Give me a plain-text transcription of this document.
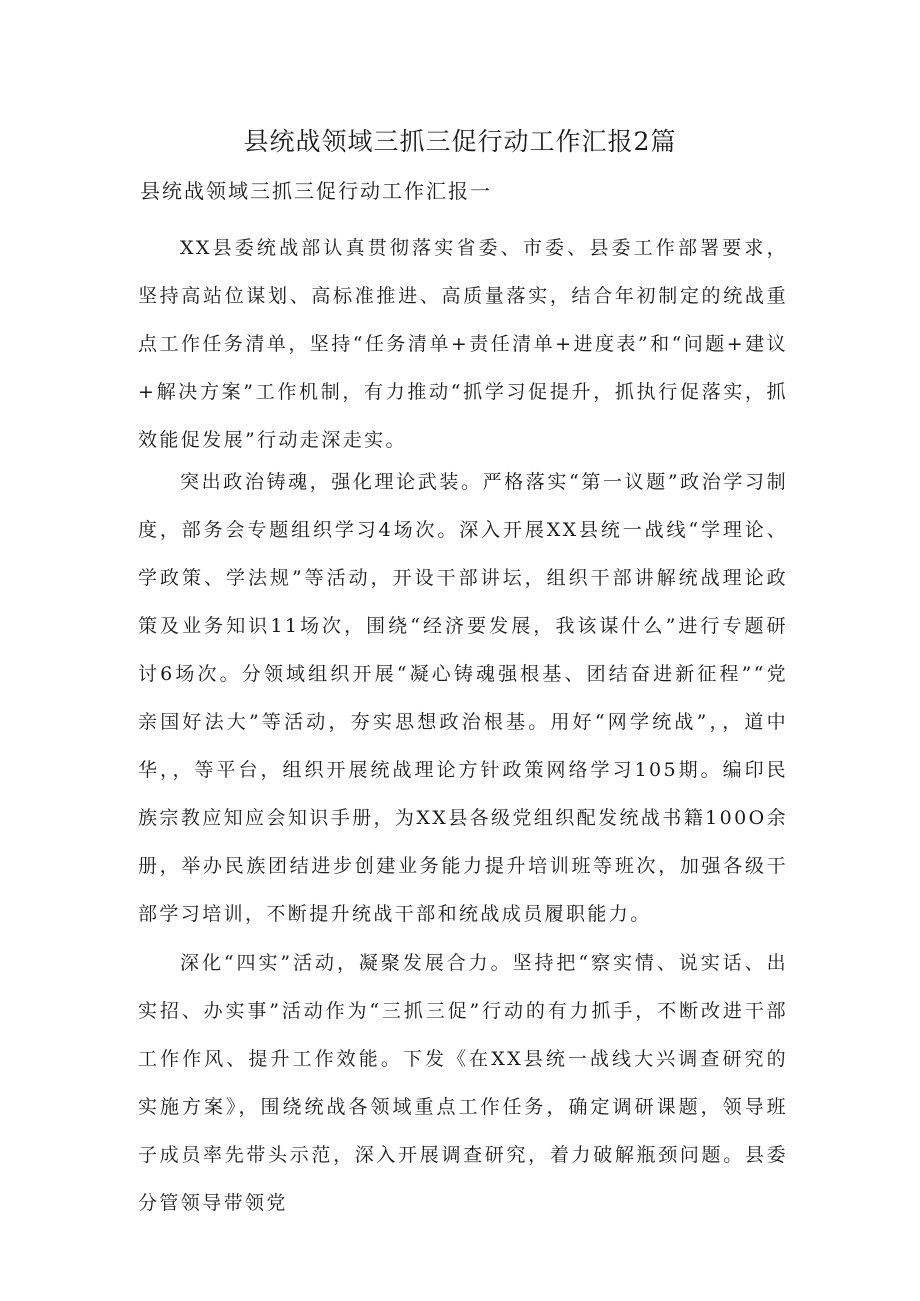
县统战领域三抓三促行动工作汇报2篇
县统战领域三抓三促行动工作汇报一

XX县委统战部认真贯彻落实省委、市委、县委工作部署要求，坚持高站位谋划、高标准推进、高质量落实，结合年初制定的统战重点工作任务清单，坚持“任务清单+责任清单+进度表”和“问题+建议+解决方案”工作机制，有力推动“抓学习促提升，抓执行促落实，抓效能促发展”行动走深走实。

突出政治铸魂，强化理论武装。严格落实“第一议题”政治学习制度，部务会专题组织学习4场次。深入开展XX县统一战线“学理论、学政策、学法规”等活动，开设干部讲坛，组织干部讲解统战理论政策及业务知识11场次，围绕“经济要发展，我该谋什么”进行专题研讨6场次。分领域组织开展“凝心铸魂强根基、团结奋进新征程”“党亲国好法大”等活动，夯实思想政治根基。用好“网学统战”，，道中华，，等平台，组织开展统战理论方针政策网络学习105期。编印民族宗教应知应会知识手册，为XX县各级党组织配发统战书籍100O余册，举办民族团结进步创建业务能力提升培训班等班次，加强各级干部学习培训，不断提升统战干部和统战成员履职能力。

深化“四实”活动，凝聚发展合力。坚持把“察实情、说实话、出实招、办实事”活动作为“三抓三促”行动的有力抓手，不断改进干部工作作风、提升工作效能。下发《在XX县统一战线大兴调查研究的实施方案》，围绕统战各领域重点工作任务，确定调研课题，领导班子成员率先带头示范，深入开展调查研究，着力破解瓶颈问题。县委分管领导带领党
